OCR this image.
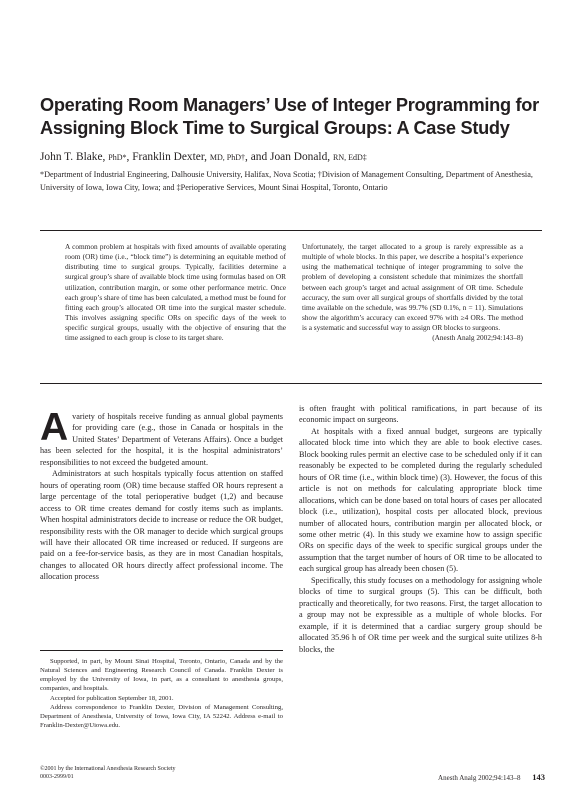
Operating Room Managers’ Use of Integer Programming for
Assigning Block Time to Surgical Groups: A Case Study
John T. Blake, PhD*, Franklin Dexter, MD, PhD†, and Joan Donald, RN, EdD‡
*Department of Industrial Engineering, Dalhousie University, Halifax, Nova Scotia; †Division of Management Consulting, Department of Anesthesia, University of Iowa, Iowa City, Iowa; and ‡Perioperative Services, Mount Sinai Hospital, Toronto, Ontario

A common problem at hospitals with fixed amounts of available operating room (OR) time (i.e., “block time”) is determining an equitable method of distributing time to surgical groups. Typically, facilities determine a surgical group’s share of available block time using formulas based on OR utilization, contribution margin, or some other performance metric. Once each group’s share of time has been calculated, a method must be found for fitting each group’s allocated OR time into the surgical master schedule. This involves assigning specific ORs on specific days of the week to specific surgical groups, usually with the objective of ensuring that the time assigned to each group is close to its target share.

Unfortunately, the target allocated to a group is rarely expressible as a multiple of whole blocks. In this paper, we describe a hospital’s experience using the mathematical technique of integer programming to solve the problem of developing a consistent schedule that minimizes the shortfall between each group’s target and actual assignment of OR time. Schedule accuracy, the sum over all surgical groups of shortfalls divided by the total time available on the schedule, was 99.7% (SD 0.1%, n = 11). Simulations show the algorithm’s accuracy can exceed 97% with ≥4 ORs. The method is a systematic and successful way to assign OR blocks to surgeons.

(Anesth Analg 2002;94:143–8)

Avariety of hospitals receive funding as annual global payments for providing care (e.g., those in Canada or hospitals in the United States’ Department of Veterans Affairs). Once a budget has been selected for the hospital, it is the hospital administrators’ responsibilities to not exceed the budgeted amount.

Administrators at such hospitals typically focus attention on staffed hours of operating room (OR) time because staffed OR hours represent a large percentage of the total perioperative budget (1,2) and because access to OR time creates demand for costly items such as implants. When hospital administrators decide to increase or reduce the OR budget, responsibility rests with the OR manager to decide which surgical groups will have their allocated OR time increased or reduced. If surgeons are paid on a fee-for-service basis, as they are in most Canadian hospitals, changes to allocated OR hours directly affect professional income. The allocation process

is often fraught with political ramifications, in part because of its economic impact on surgeons.

At hospitals with a fixed annual budget, surgeons are typically allocated block time into which they are able to book elective cases. Block booking rules permit an elective case to be scheduled only if it can reasonably be expected to be completed during the regularly scheduled hours of OR time (i.e., within block time) (3). However, the focus of this article is not on methods for calculating appropriate block time allocations, which can be done based on total hours of cases per allocated block (i.e., utilization), hospital costs per allocated block, previous number of allocated hours, contribution margin per allocated block, or some other metric (4). In this study we examine how to assign specific ORs on specific days of the week to specific surgical groups under the assumption that the target number of hours of OR time to be allocated to each surgical group has already been chosen (5).

Specifically, this study focuses on a methodology for assigning whole blocks of time to surgical groups (5). This can be difficult, both practically and theoretically, for two reasons. First, the target allocation to a group may not be expressible as a multiple of whole blocks. For example, if it is determined that a cardiac surgery group should be allocated 35.96 h of OR time per week and the surgical suite utilizes 8-h blocks, the

Supported, in part, by Mount Sinai Hospital, Toronto, Ontario, Canada and by the Natural Sciences and Engineering Research Council of Canada. Franklin Dexter is employed by the University of Iowa, in part, as a consultant to anesthesia groups, companies, and hospitals.

Accepted for publication September 18, 2001.

Address correspondence to Franklin Dexter, Division of Management Consulting, Department of Anesthesia, University of Iowa, Iowa City, IA 52242. Address e-mail to Franklin-Dexter@Uiowa.edu.

©2001 by the International Anesthesia Research Society
0003-2999/01	Anesth Analg 2002;94:143–8 143
